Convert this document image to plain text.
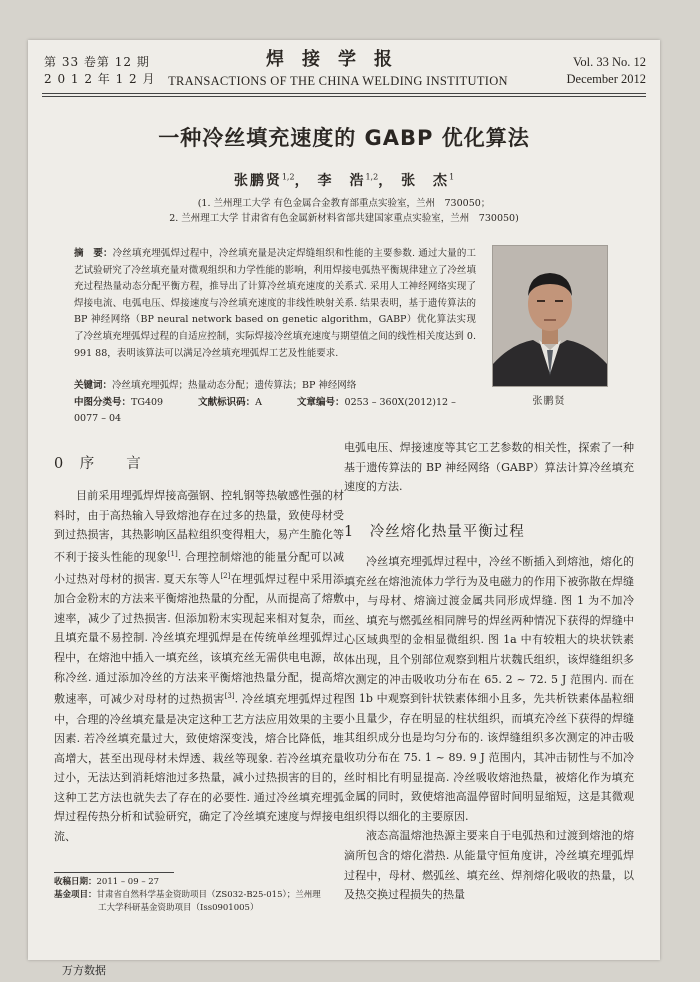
第 33 卷第 12 期
2 0 1 2 年 1 2 月
焊接学报
TRANSACTIONS OF THE CHINA WELDING INSTITUTION
Vol. 33 No. 12
December 2012
一种冷丝填充速度的 GABP 优化算法
张鹏贤$^{1,2}$， 李　浩$^{1,2}$， 张　杰$^1$
(1. 兰州理工大学 有色金属合金教育部重点实验室，兰州　730050；
2. 兰州理工大学 甘肃省有色金属新材料省部共建国家重点实验室，兰州　730050)
摘　要：冷丝填充埋弧焊过程中，冷丝填充量是决定焊缝组织和性能的主要参数. 通过大量的工艺试验研究了冷丝填充量对微观组织和力学性能的影响，利用焊接电弧热平衡规律建立了冷丝填充过程热量动态分配平衡方程，推导出了计算冷丝填充速度的关系式. 采用人工神经网络实现了焊接电流、电弧电压、焊接速度与冷丝填充速度的非线性映射关系. 结果表明，基于遗传算法的 BP 神经网络（BP neural network based on genetic algorithm，GABP）优化算法实现了冷丝填充埋弧焊过程的自适应控制，实际焊接冷丝填充速度与期望值之间的线性相关度达到 0. 991 88，表明该算法可以满足冷丝填充埋弧焊工艺及性能要求.
关键词：冷丝填充埋弧焊；热量动态分配；遗传算法；BP 神经网络
中图分类号：TG409	文献标识码：A	文章编号：0253 – 360X(2012)12 – 0077 – 04
张鹏贤
0　序　　言

目前采用埋弧焊焊接高强钢、控轧钢等热敏感性强的材料时，由于高热输入导致熔池存在过多的热量，致使母材受到过热损害，其热影响区晶粒组织变得粗大，易产生脆化等不利于接头性能的现象[1]. 合理控制熔池的能量分配可以减小过热对母材的损害. 夏天东等人[2]在埋弧焊过程中采用添加合金粉末的方法来平衡熔池热量的分配，从而提高了熔敷速率，减少了过热损害. 但添加粉末实现起来相对复杂，而且填充量不易控制. 冷丝填充埋弧焊是在传统单丝埋弧焊过程中，在熔池中插入一填充丝，该填充丝无需供电电源，故称冷丝. 通过添加冷丝的方法来平衡熔池热量分配，提高熔敷速率，可减少对母材的过热损害[3]. 冷丝填充埋弧焊过程中，合理的冷丝填充量是决定这种工艺方法应用效果的主要因素. 若冷丝填充量过大，致使熔深变浅，熔合比降低，堆高增大，甚至出现母材未焊透、栽丝等现象. 若冷丝填充量过小，无法达到消耗熔池过多热量，减小过热损害的目的，这种工艺方法也就失去了存在的必要性. 通过冷丝填充埋弧焊过程传热分析和试验研究，确定了冷丝填充速度与焊接电流、

电弧电压、焊接速度等其它工艺参数的相关性，探索了一种基于遗传算法的 BP 神经网络（GABP）算法计算冷丝填充速度的方法.

1　冷丝熔化热量平衡过程

冷丝填充埋弧焊过程中，冷丝不断插入到熔池，熔化的填充丝在熔池流体力学行为及电磁力的作用下被弥散在焊缝中，与母材、熔滴过渡金属共同形成焊缝. 图 1 为不加冷丝、填充与燃弧丝相同牌号的焊丝两种情况下获得的焊缝中心区域典型的金相显微组织. 图 1a 中有较粗大的块状铁素体出现，且个别部位观察到粗片状魏氏组织，该焊缝组织多次测定的冲击吸收功分布在 65. 2 ~ 72. 5 J 范围内. 而在图 1b 中观察到针状铁素体细小且多，先共析铁素体晶粒细小且量少，存在明显的柱状组织，而填充冷丝下获得的焊缝其组织成分也是均匀分布的. 该焊缝组织多次测定的冲击吸收功分布在 75. 1 ~ 89. 9 J 范围内，其冲击韧性与不加冷丝时相比有明显提高. 冷丝吸收熔池热量，被熔化作为填充金属的同时，致使熔池高温停留时间明显缩短，这是其微观组织得以细化的主要原因.

液态高温熔池热源主要来自于电弧热和过渡到熔池的熔滴所包含的熔化潜热. 从能量守恒角度讲，冷丝填充埋弧焊过程中，母材、燃弧丝、填充丝、焊剂熔化吸收的热量，以及热交换过程损失的热量

收稿日期：2011 – 09 – 27
基金项目：甘肃省自然科学基金资助项目（ZS032-B25-015）；兰州理
工大学科研基金资助项目（Iss0901005）
万方数据
